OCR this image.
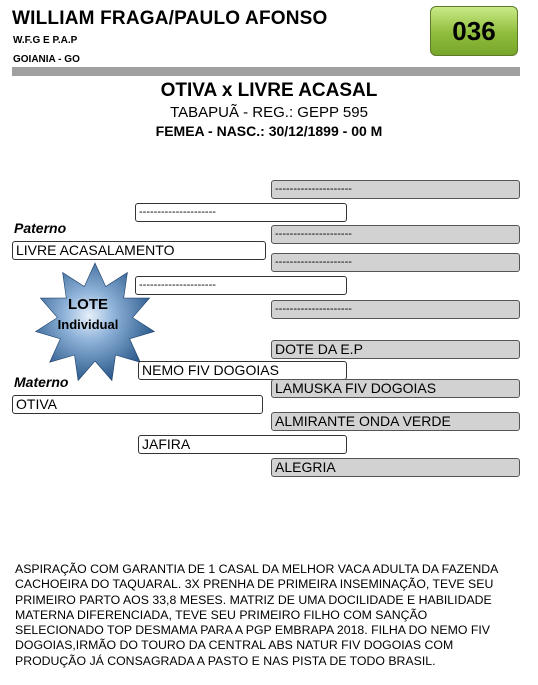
WILLIAM FRAGA/PAULO AFONSO
W.F.G E P.A.P
GOIANIA - GO
036
OTIVA x LIVRE ACASAL
TABAPUÃ - REG.: GEPP 595
FEMEA - NASC.: 30/12/1899 - 00 M
LOTE
Individual
Paterno
Materno
LIVRE ACASALAMENTO
---------------------
---------------------
---------------------
---------------------
---------------------
---------------------
DOTE DA E.P
NEMO FIV DOGOIAS
LAMUSKA FIV DOGOIAS
OTIVA
ALMIRANTE ONDA VERDE
JAFIRA
ALEGRIA
ASPIRAÇÃO COM GARANTIA DE 1 CASAL DA MELHOR VACA ADULTA DA FAZENDA CACHOEIRA DO TAQUARAL. 3X PRENHA DE PRIMEIRA INSEMINAÇÃO, TEVE SEU PRIMEIRO PARTO AOS 33,8 MESES. MATRIZ DE UMA DOCILIDADE E HABILIDADE MATERNA DIFERENCIADA, TEVE SEU PRIMEIRO FILHO COM SANÇÃO SELECIONADO TOP DESMAMA PARA A PGP EMBRAPA 2018. FILHA DO NEMO FIV DOGOIAS,IRMÃO DO TOURO DA CENTRAL ABS NATUR FIV DOGOIAS COM PRODUÇÃO JÁ CONSAGRADA A PASTO E NAS PISTA DE TODO BRASIL.
